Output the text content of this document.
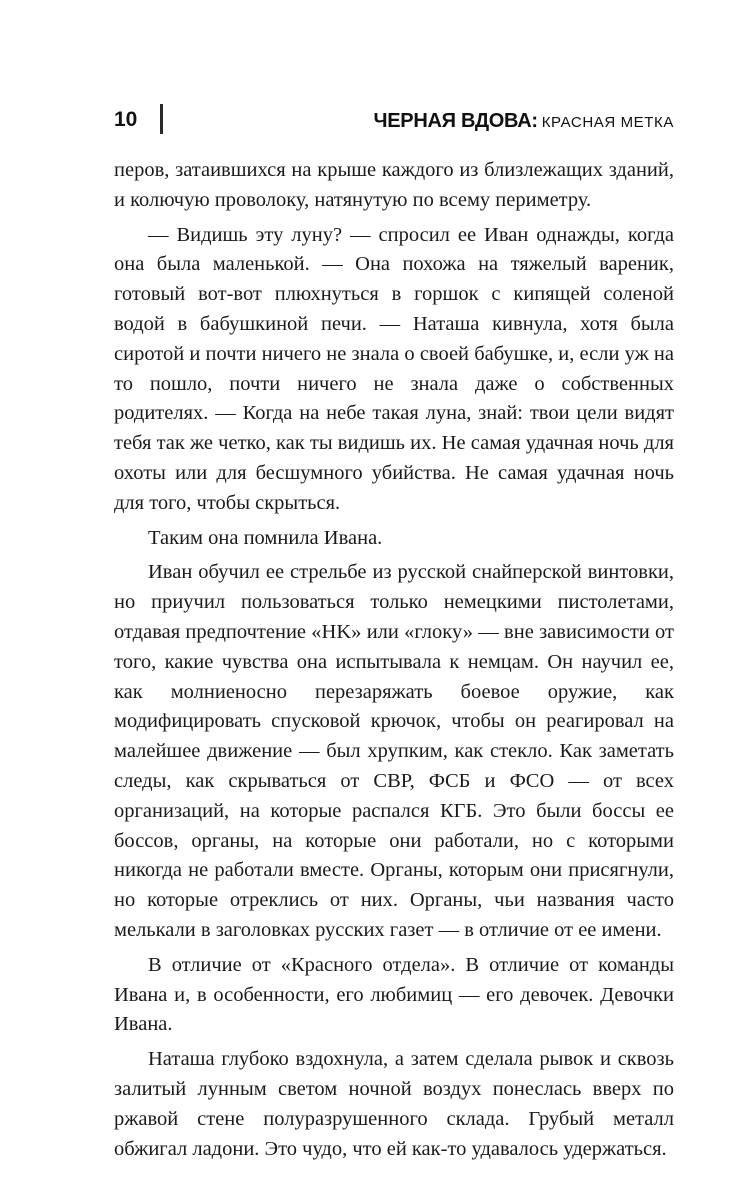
10	ЧЕРНАЯ ВДОВА: КРАСНАЯ МЕТКА

перов, затаившихся на крыше каждого из близлежащих зданий, и колючую проволоку, натянутую по всему периметру.

— Видишь эту луну? — спросил ее Иван однажды, когда она была маленькой. — Она похожа на тяжелый вареник, готовый вот-вот плюхнуться в горшок с кипящей соленой водой в бабушкиной печи. — Наташа кивнула, хотя была сиротой и почти ничего не знала о своей бабушке, и, если уж на то пошло, почти ничего не знала даже о собственных родителях. — Когда на небе такая луна, знай: твои цели видят тебя так же четко, как ты видишь их. Не самая удачная ночь для охоты или для бесшумного убийства. Не самая удачная ночь для того, чтобы скрыться.

Таким она помнила Ивана.

Иван обучил ее стрельбе из русской снайперской винтовки, но приучил пользоваться только немецкими пистолетами, отдавая предпочтение «HK» или «глоку» — вне зависимости от того, какие чувства она испытывала к немцам. Он научил ее, как молниеносно перезаряжать боевое оружие, как модифицировать спусковой крючок, чтобы он реагировал на малейшее движение — был хрупким, как стекло. Как заметать следы, как скрываться от СВР, ФСБ и ФСО — от всех организаций, на которые распался КГБ. Это были боссы ее боссов, органы, на которые они работали, но с которыми никогда не работали вместе. Органы, которым они присягнули, но которые отреклись от них. Органы, чьи названия часто мелькали в заголовках русских газет — в отличие от ее имени.

В отличие от «Красного отдела». В отличие от команды Ивана и, в особенности, его любимиц — его девочек. Девочки Ивана.

Наташа глубоко вздохнула, а затем сделала рывок и сквозь залитый лунным светом ночной воздух понеслась вверх по ржавой стене полуразрушенного склада. Грубый металл обжигал ладони. Это чудо, что ей как-то удавалось удержаться.
